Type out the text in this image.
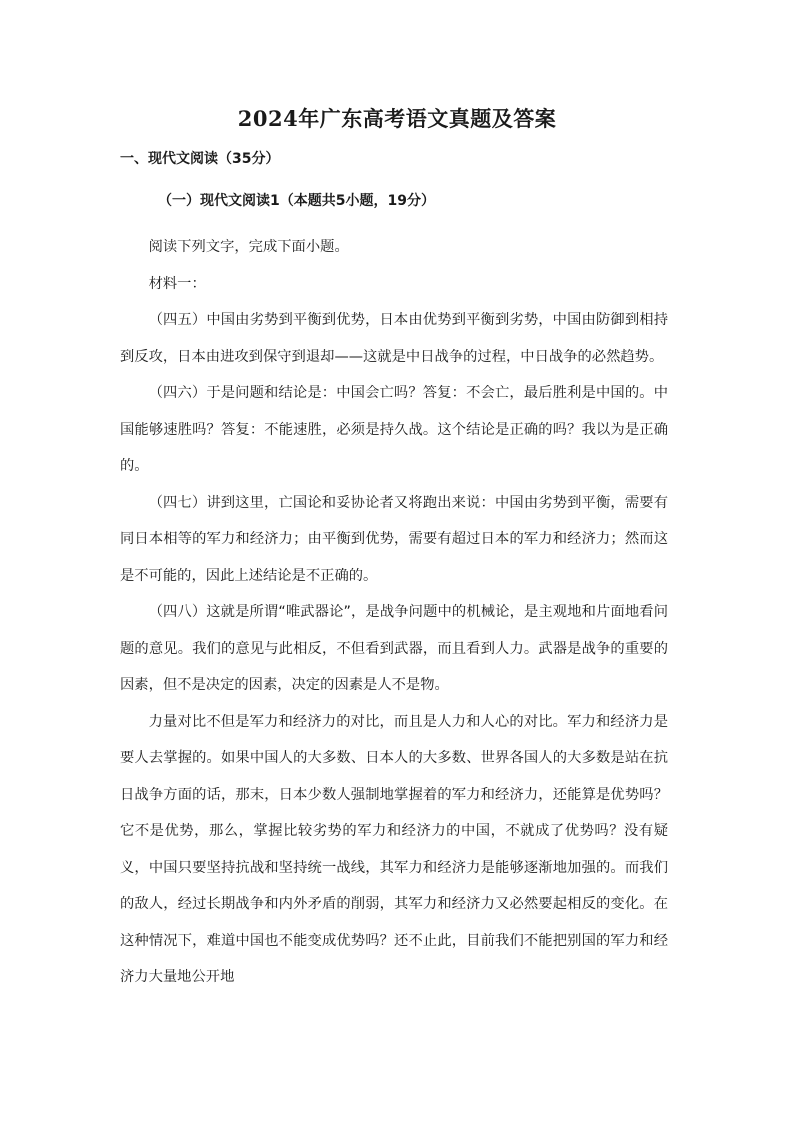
2024年广东高考语文真题及答案
一、现代文阅读（35分）
（一）现代文阅读1（本题共5小题，19分）

阅读下列文字，完成下面小题。

材料一：

（四五）中国由劣势到平衡到优势，日本由优势到平衡到劣势，中国由防御到相持到反攻，日本由进攻到保守到退却——这就是中日战争的过程，中日战争的必然趋势。

（四六）于是问题和结论是：中国会亡吗？答复：不会亡，最后胜利是中国的。中国能够速胜吗？答复：不能速胜，必须是持久战。这个结论是正确的吗？我以为是正确的。

（四七）讲到这里，亡国论和妥协论者又将跑出来说：中国由劣势到平衡，需要有同日本相等的军力和经济力；由平衡到优势，需要有超过日本的军力和经济力；然而这是不可能的，因此上述结论是不正确的。

（四八）这就是所谓“唯武器论”，是战争问题中的机械论，是主观地和片面地看问题的意见。我们的意见与此相反，不但看到武器，而且看到人力。武器是战争的重要的因素，但不是决定的因素，决定的因素是人不是物。

力量对比不但是军力和经济力的对比，而且是人力和人心的对比。军力和经济力是要人去掌握的。如果中国人的大多数、日本人的大多数、世界各国人的大多数是站在抗日战争方面的话，那末，日本少数人强制地掌握着的军力和经济力，还能算是优势吗？它不是优势，那么，掌握比较劣势的军力和经济力的中国，不就成了优势吗？没有疑义，中国只要坚持抗战和坚持统一战线，其军力和经济力是能够逐渐地加强的。而我们的敌人，经过长期战争和内外矛盾的削弱，其军力和经济力又必然要起相反的变化。在这种情况下，难道中国也不能变成优势吗？还不止此，目前我们不能把别国的军力和经济力大量地公开地
